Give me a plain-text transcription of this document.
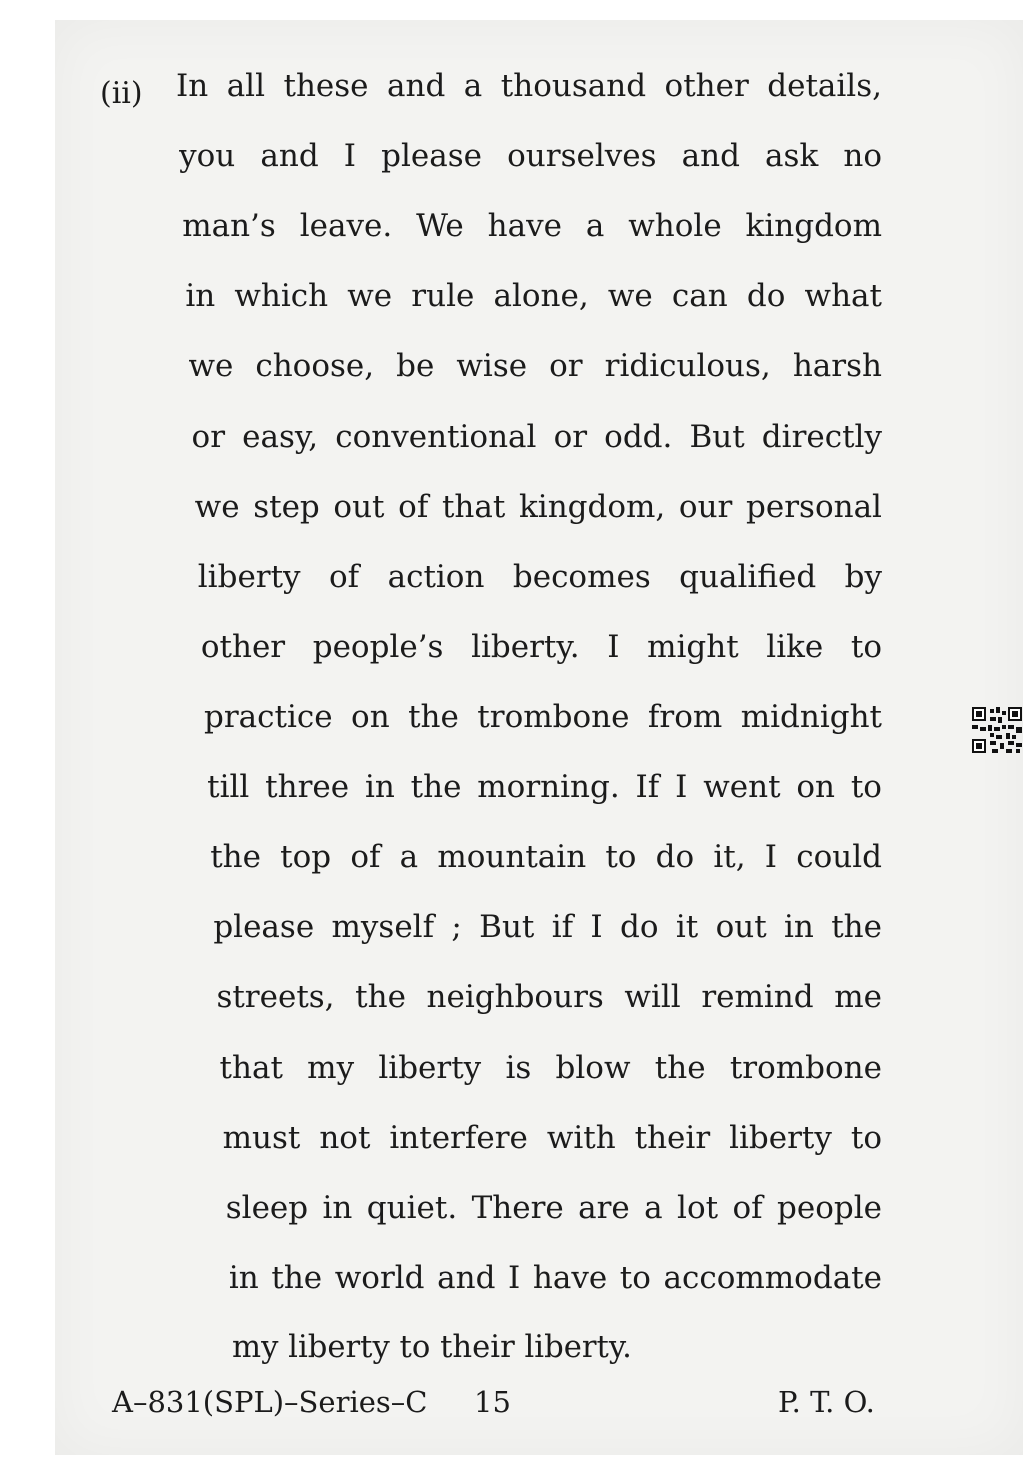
(ii)
A–831(SPL)–Series–C 15	P. T. O.
In all these and a thousand other details,
you and I please ourselves and ask no
man’s leave. We have a whole kingdom
in which we rule alone, we can do what
we choose, be wise or ridiculous, harsh
or easy, conventional or odd. But directly
we step out of that kingdom, our personal
liberty of action becomes qualified by
other people’s liberty. I might like to
practice on the trombone from midnight
till three in the morning. If I went on to
the top of a mountain to do it, I could
please myself ; But if I do it out in the
streets, the neighbours will remind me
that my liberty is blow the trombone
must not interfere with their liberty to
sleep in quiet. There are a lot of people
in the world and I have to accommodate
my liberty to their liberty.
